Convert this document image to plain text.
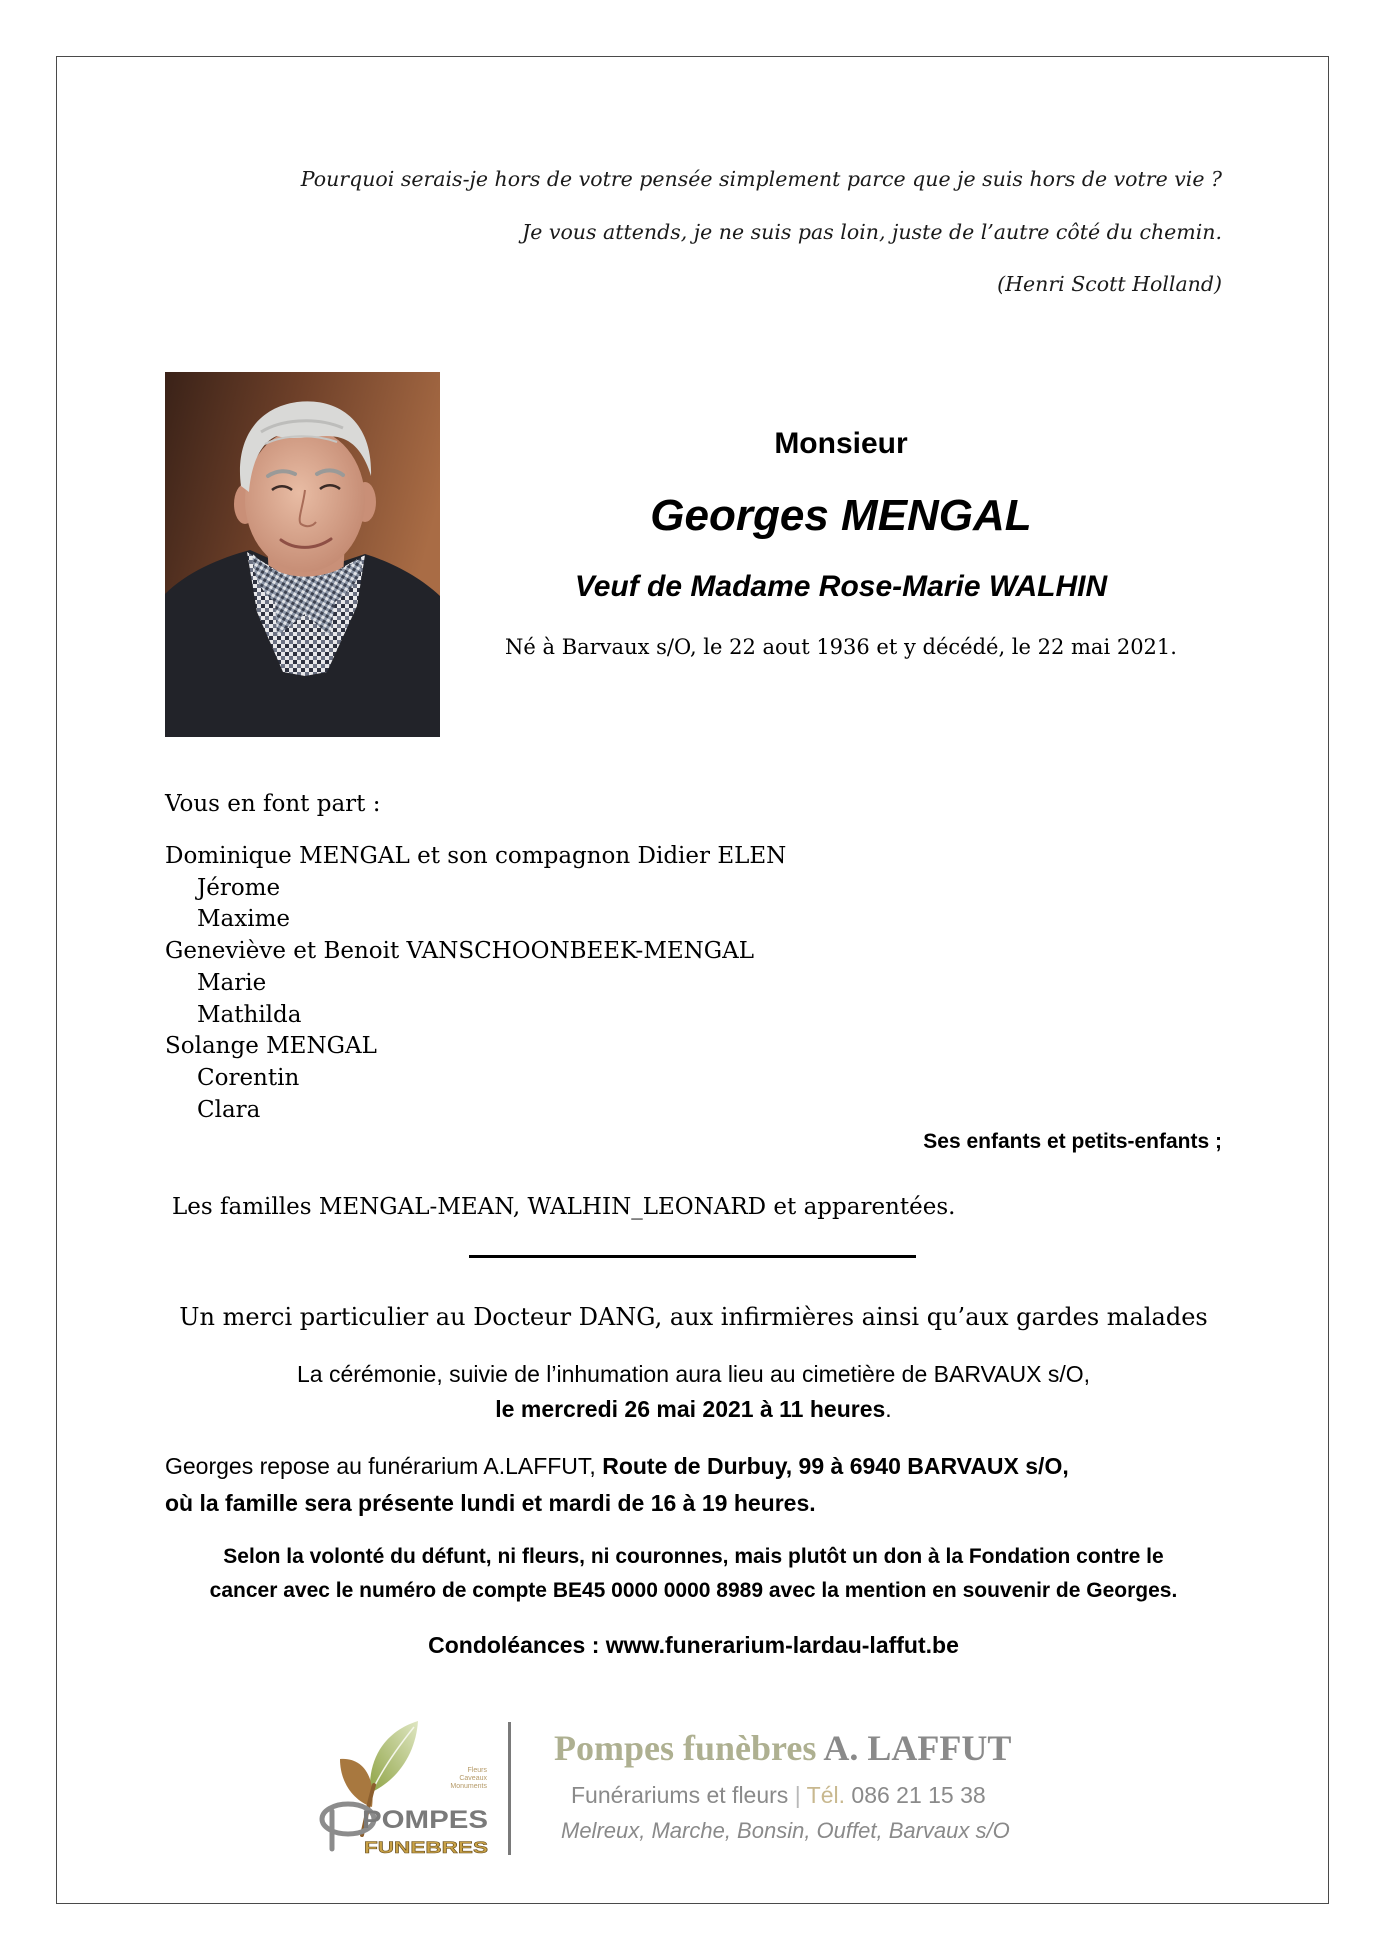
Pourquoi serais-je hors de votre pensée simplement parce que je suis hors de votre vie ?
Je vous attends, je ne suis pas loin, juste de l’autre côté du chemin.
(Henri Scott Holland)
Monsieur
Georges MENGAL
Veuf de Madame Rose-Marie WALHIN
Né à Barvaux s/O, le 22 aout 1936 et y décédé, le 22 mai 2021.
Vous en font part :
Dominique MENGAL et son compagnon Didier ELEN
Jérome
Maxime
Geneviève et Benoit VANSCHOONBEEK-MENGAL
Marie
Mathilda
Solange MENGAL
Corentin
Clara
Ses enfants et petits-enfants ;
Les familles MENGAL-MEAN, WALHIN_LEONARD et apparentées.
Un merci particulier au Docteur DANG, aux infirmières ainsi qu’aux gardes malades
La cérémonie, suivie de l’inhumation aura lieu au cimetière de BARVAUX s/O,
le mercredi 26 mai 2021 à 11 heures.
Georges repose au funérarium A.LAFFUT, Route de Durbuy, 99 à 6940 BARVAUX s/O,
où la famille sera présente lundi et mardi de 16 à 19 heures.
Selon la volonté du défunt, ni fleurs, ni couronnes, mais plutôt un don à la Fondation contre le
cancer avec le numéro de compte BE45 0000 0000 8989 avec la mention en souvenir de Georges.
Condoléances : www.funerarium-lardau-laffut.be
Fleurs
Caveaux
Monuments
POMPES
FUNEBRES
Pompes funèbres A. LAFFUT
Funérariums et fleurs | Tél. 086 21 15 38
Melreux, Marche, Bonsin, Ouffet, Barvaux s/O
